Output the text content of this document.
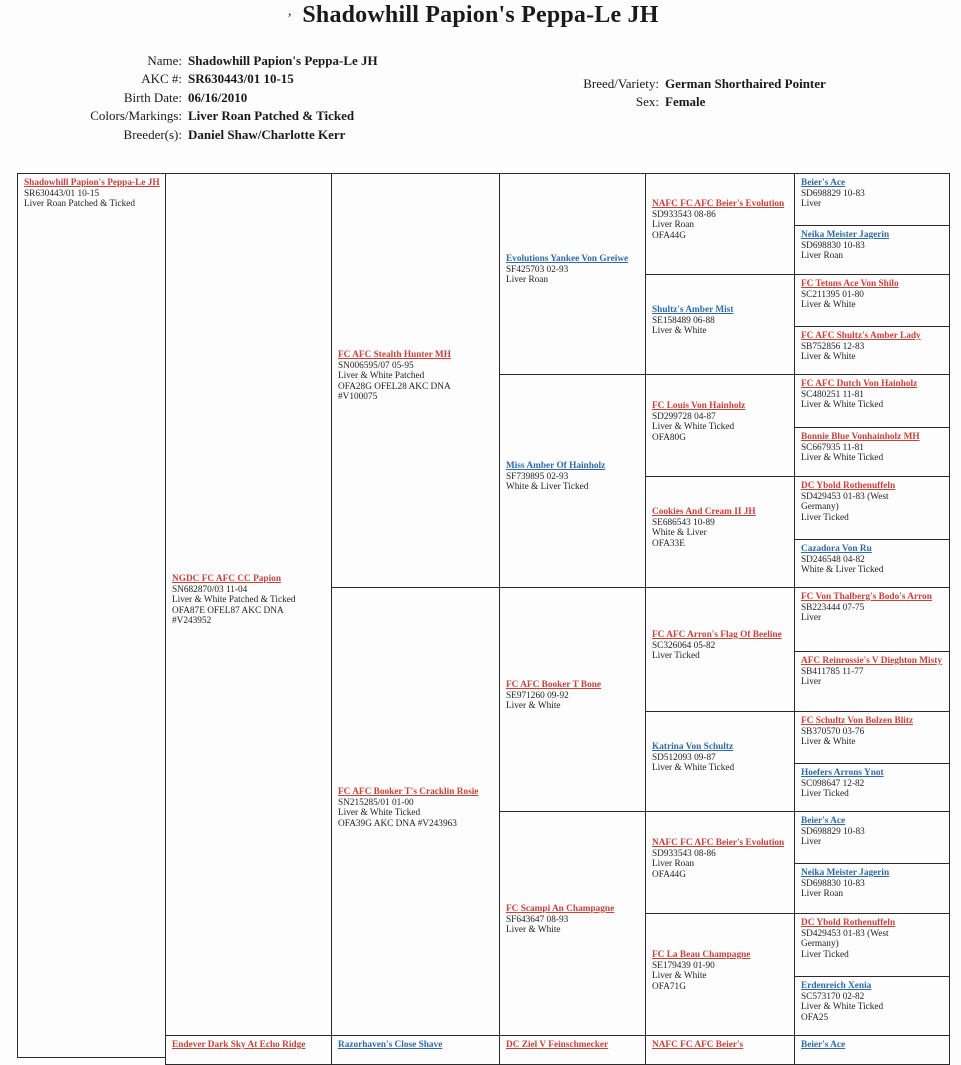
, Shadowhill Papion's Peppa-Le JH
Name: Shadowhill Papion's Peppa-Le JH
AKC #: SR630443/01 10-15
Birth Date: 06/16/2010
Colors/Markings: Liver Roan Patched & Ticked
Breeder(s): Daniel Shaw/Charlotte Kerr
Breed/Variety: German Shorthaired Pointer
Sex: Female
Shadowhill Papion's Peppa-Le JH
SR630443/01 10-15
Liver Roan Patched & Ticked
NGDC FC AFC CC Papion
SN682870/03 11-04
Liver & White Patched & Ticked
OFA87E OFEL87 AKC DNA
#V243952
Endever Dark Sky At Echo Ridge
FC AFC Stealth Hunter MH
SN006595/07 05-95
Liver & White Patched
OFA28G OFEL28 AKC DNA
#V100075
FC AFC Booker T's Cracklin Rosie
SN215285/01 01-00
Liver & White Ticked
OFA39G AKC DNA #V243963
Razorhaven's Close Shave
Evolutions Yankee Von Greiwe
SF425703 02-93
Liver Roan
Miss Amber Of Hainholz
SF739895 02-93
White & Liver Ticked
FC AFC Booker T Bone
SE971260 09-92
Liver & White
FC Scampi An Champagne
SF643647 08-93
Liver & White
DC Ziel V Feinschmecker
NAFC FC AFC Beier's Evolution
SD933543 08-86
Liver Roan
OFA44G
Shultz's Amber Mist
SE158489 06-88
Liver & White
FC Louis Von Hainholz
SD299728 04-87
Liver & White Ticked
OFA80G
Cookies And Cream II JH
SE686543 10-89
White & Liver
OFA33E
FC AFC Arron's Flag Of Beeline
SC326064 05-82
Liver Ticked
Katrina Von Schultz
SD512093 09-87
Liver & White Ticked
NAFC FC AFC Beier's Evolution
SD933543 08-86
Liver Roan
OFA44G
FC La Beau Champagne
SE179439 01-90
Liver & White
OFA71G
NAFC FC AFC Beier's
Beier's Ace
SD698829 10-83
Liver
Neika Meister Jagerin
SD698830 10-83
Liver Roan
FC Tetons Ace Von Shilo
SC211395 01-80
Liver & White
FC AFC Shultz's Amber Lady
SB752856 12-83
Liver & White
FC AFC Dutch Von Hainholz
SC480251 11-81
Liver & White Ticked
Bonnie Blue Vonhainholz MH
SC667935 11-81
Liver & White Ticked
DC Ybold Rothenuffeln
SD429453 01-83 (West
Germany)
Liver Ticked
Cazadora Von Ru
SD246548 04-82
White & Liver Ticked
FC Von Thalberg's Bodo's Arron
SB223444 07-75
Liver
AFC Reinrossie's V Dieghton Misty
SB411785 11-77
Liver
FC Schultz Von Bolzen Blitz
SB370570 03-76
Liver & White
Hoefers Arrons Ynot
SC098647 12-82
Liver Ticked
Beier's Ace
SD698829 10-83
Liver
Neika Meister Jagerin
SD698830 10-83
Liver Roan
DC Ybold Rothenuffeln
SD429453 01-83 (West
Germany)
Liver Ticked
Erdenreich Xenia
SC573170 02-82
Liver & White Ticked
OFA25
Beier's Ace
